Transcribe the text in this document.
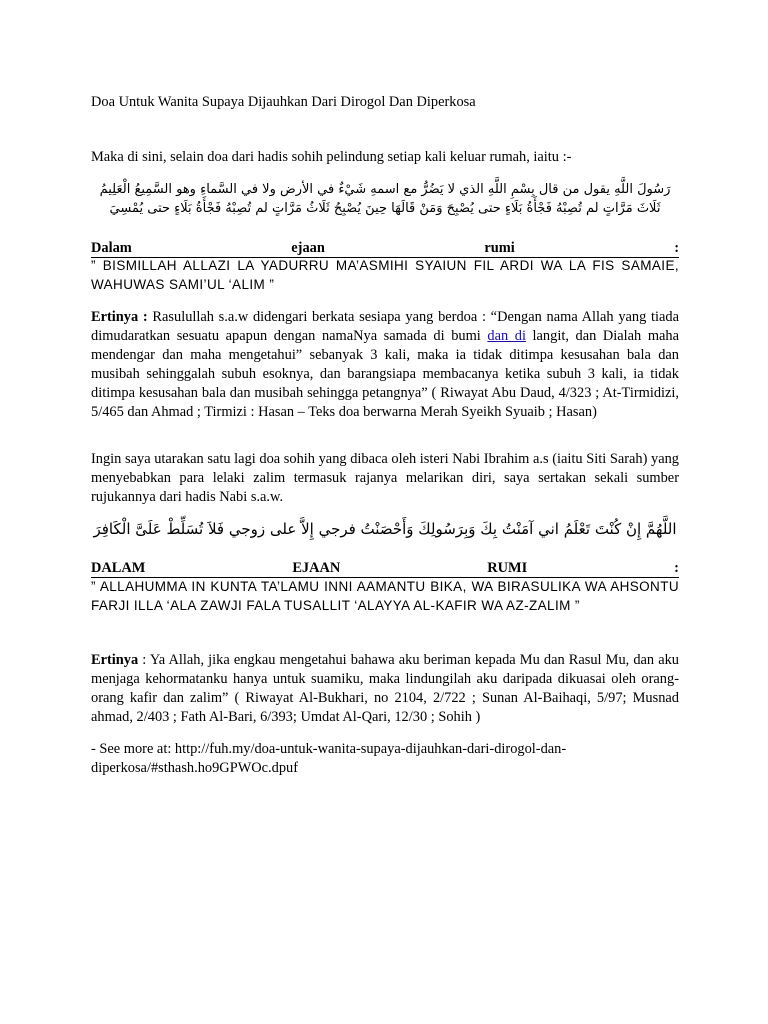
Doa Untuk Wanita Supaya Dijauhkan Dari Dirogol Dan Diperkosa

Maka di sini, selain doa dari hadis sohih pelindung setiap kali keluar rumah, iaitu :-

رَسُولَ اللَّهِ يقول من قال بِسْمِ اللَّهِ الذي لا يَضُرُّ مع اسمهِ شَيْءٌ في الأرض ولا في السَّماءِ وهو السَّمِيعُ الْعَلِيمُ ثَلَاثَ مَرَّاتٍ لم تُصِبْهُ فَجْأَةُ بَلَاءٍ حتى يُصْبِحَ وَمَنْ قَالَهَا حِينَ يُصْبِحُ ثَلَاثُ مَرَّاتٍ لم تُصِبْهُ فَجْأَةُ بَلَاءٍ حتى يُمْسِيَ

Dalam	ejaan	rumi	:

” BISMILLAH ALLAZI LA YADURRU MA’ASMIHI SYAIUN FIL ARDI WA LA FIS SAMAIE, WAHUWAS SAMI’UL ‘ALIM ”

Ertinya : Rasulullah s.a.w didengari berkata sesiapa yang berdoa : “Dengan nama Allah yang tiada dimudaratkan sesuatu apapun dengan namaNya samada di bumi dan di langit, dan Dialah maha mendengar dan maha mengetahui” sebanyak 3 kali, maka ia tidak ditimpa kesusahan bala dan musibah sehinggalah subuh esoknya, dan barangsiapa membacanya ketika subuh 3 kali, ia tidak ditimpa kesusahan bala dan musibah sehingga petangnya” ( Riwayat Abu Daud, 4/323 ; At-Tirmidizi, 5/465 dan Ahmad ; Tirmizi : Hasan – Teks doa berwarna Merah Syeikh Syuaib ; Hasan)

Ingin saya utarakan satu lagi doa sohih yang dibaca oleh isteri Nabi Ibrahim a.s (iaitu Siti Sarah) yang menyebabkan para lelaki zalim termasuk rajanya melarikan diri, saya sertakan sekali sumber rujukannya dari hadis Nabi s.a.w.

اللَّهُمَّ إِنْ كُنْتَ تَعْلَمُ اني آمَنْتُ بِكَ وَبِرَسُولِكَ وَأَحْصَنْتُ فرجي إِلاَّ على زوجي فَلاَ تُسَلِّطْ عَلَىَّ الْكَافِرَ

DALAM	EJAAN	RUMI	:

” ALLAHUMMA IN KUNTA TA’LAMU INNI AAMANTU BIKA, WA BIRASULIKA WA AHSONTU FARJI ILLA ‘ALA ZAWJI FALA TUSALLIT ‘ALAYYA AL-KAFIR WA AZ-ZALIM ”

Ertinya : Ya Allah, jika engkau mengetahui bahawa aku beriman kepada Mu dan Rasul Mu, dan aku menjaga kehormatanku hanya untuk suamiku, maka lindungilah aku daripada dikuasai oleh orang-orang kafir dan zalim” ( Riwayat Al-Bukhari, no 2104, 2/722 ; Sunan Al-Baihaqi, 5/97; Musnad ahmad, 2/403 ; Fath Al-Bari, 6/393; Umdat Al-Qari, 12/30 ; Sohih )

- See more at: http://fuh.my/doa-untuk-wanita-supaya-dijauhkan-dari-dirogol-dan-diperkosa/#sthash.ho9GPWOc.dpuf
